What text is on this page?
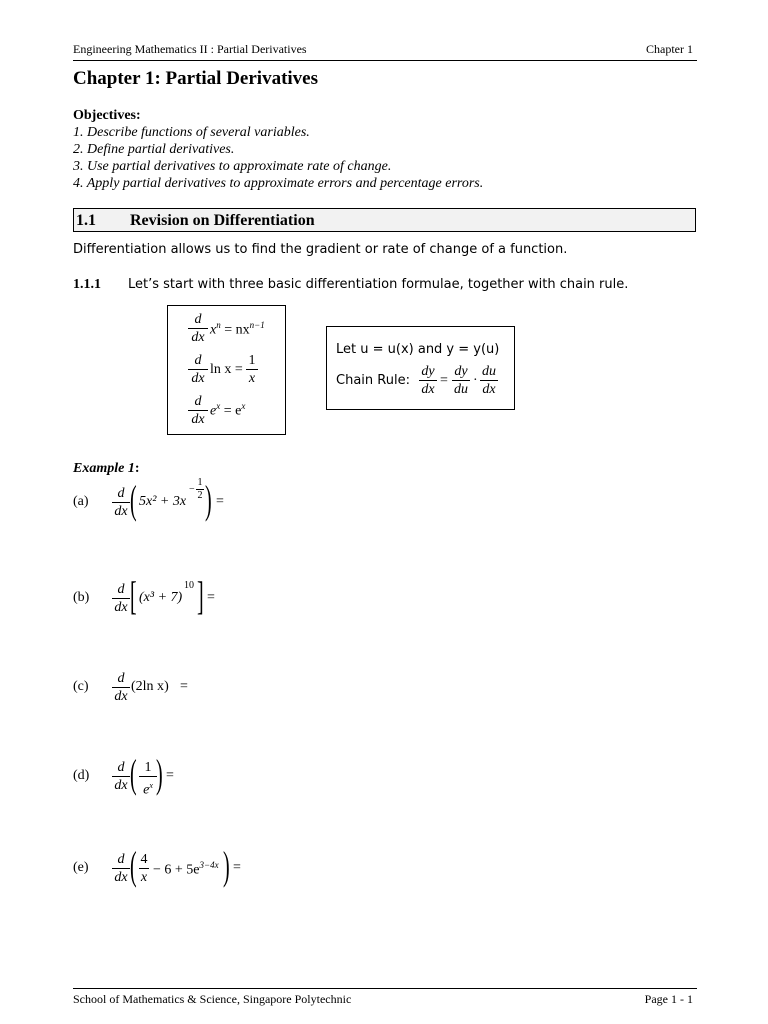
Engineering Mathematics II : Partial Derivatives	Chapter 1
Chapter 1: Partial Derivatives
Objectives:
1. Describe functions of several variables.
2. Define partial derivatives.
3. Use partial derivatives to approximate rate of change.
4. Apply partial derivatives to approximate errors and percentage errors.
1.1 Revision on Differentiation
Differentiation allows us to find the gradient or rate of change of a function.
1.1.1 Let’s start with three basic differentiation formulae, together with chain rule.
d
dx $x^n = nx^{n-1}$
d
dx
ln x =
1
x
d
dx
$e^x = e^x$
Let u = u(x) and y = y(u)
Chain Rule:
dy
dx
=
dy
du
·
du
dx
Example 1:
(a)
d
dx ( 5x² + 3x
−
1
2 ) =
(b)
d
dx [ (x³ + 7)
10 ] =
(c)
d
dx
(2ln x) =
(d)
d
dx ( 1
$e^x$ ) =
(e)
d
dx ( 4
$x - 6 + 5e^{3-4x}$ ) =
School of Mathematics & Science, Singapore Polytechnic	Page 1 - 1
